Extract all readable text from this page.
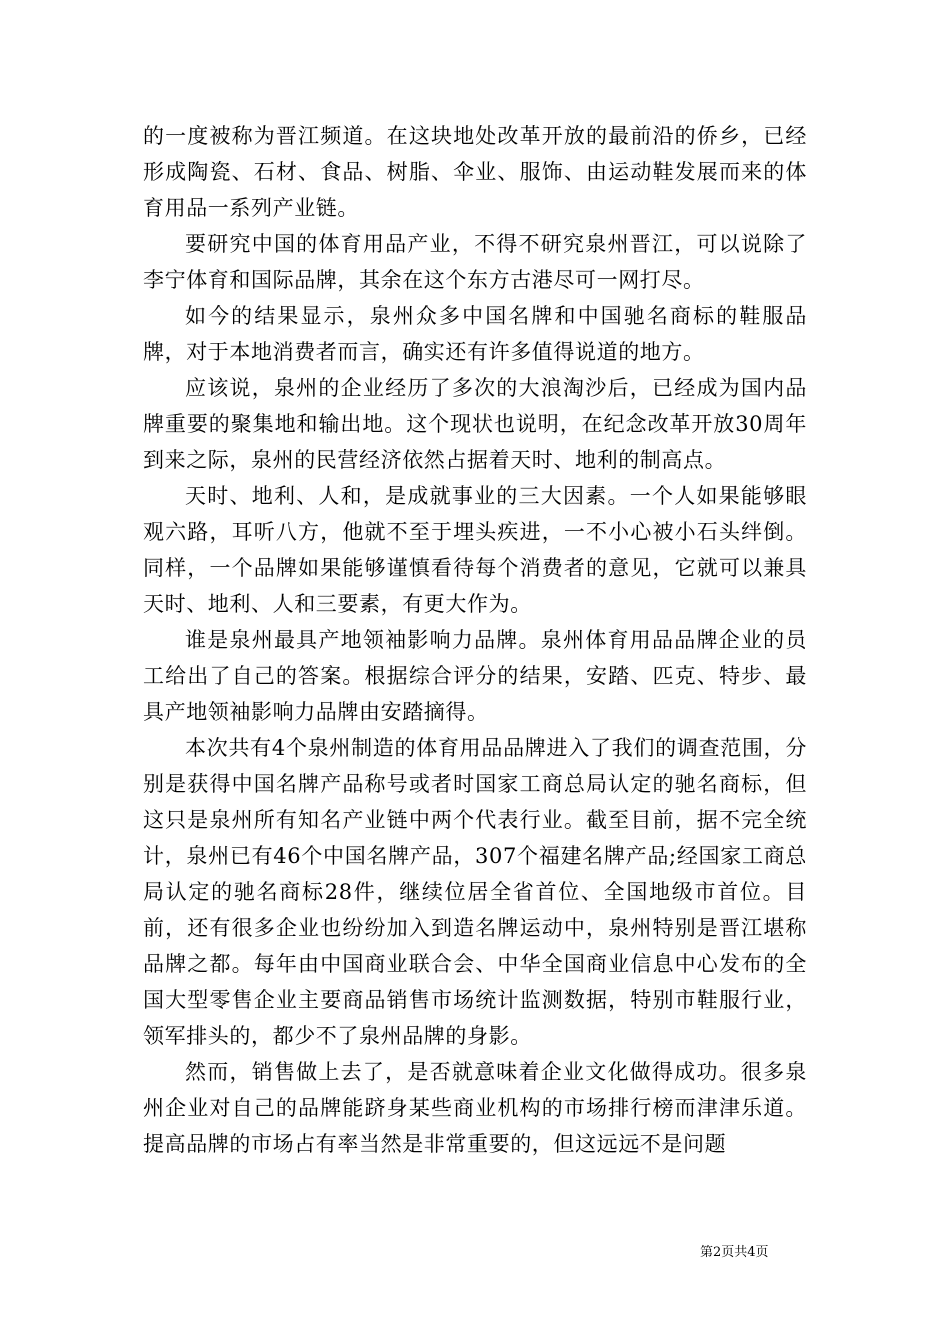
的一度被称为晋江频道。在这块地处改革开放的最前沿的侨乡，已经形成陶瓷、石材、食品、树脂、伞业、服饰、由运动鞋发展而来的体育用品一系列产业链。

要研究中国的体育用品产业，不得不研究泉州晋江，可以说除了李宁体育和国际品牌，其余在这个东方古港尽可一网打尽。

如今的结果显示，泉州众多中国名牌和中国驰名商标的鞋服品牌，对于本地消费者而言，确实还有许多值得说道的地方。

应该说，泉州的企业经历了多次的大浪淘沙后，已经成为国内品牌重要的聚集地和输出地。这个现状也说明，在纪念改革开放30周年到来之际，泉州的民营经济依然占据着天时、地利的制高点。

天时、地利、人和，是成就事业的三大因素。一个人如果能够眼观六路，耳听八方，他就不至于埋头疾进，一不小心被小石头绊倒。同样，一个品牌如果能够谨慎看待每个消费者的意见，它就可以兼具天时、地利、人和三要素，有更大作为。

谁是泉州最具产地领袖影响力品牌。泉州体育用品品牌企业的员工给出了自己的答案。根据综合评分的结果，安踏、匹克、特步、最具产地领袖影响力品牌由安踏摘得。

本次共有4个泉州制造的体育用品品牌进入了我们的调查范围，分别是获得中国名牌产品称号或者时国家工商总局认定的驰名商标，但这只是泉州所有知名产业链中两个代表行业。截至目前，据不完全统计，泉州已有46个中国名牌产品，307个福建名牌产品;经国家工商总局认定的驰名商标28件，继续位居全省首位、全国地级市首位。目前，还有很多企业也纷纷加入到造名牌运动中，泉州特别是晋江堪称品牌之都。每年由中国商业联合会、中华全国商业信息中心发布的全国大型零售企业主要商品销售市场统计监测数据，特别市鞋服行业，领军排头的，都少不了泉州品牌的身影。

然而，销售做上去了，是否就意味着企业文化做得成功。很多泉州企业对自己的品牌能跻身某些商业机构的市场排行榜而津津乐道。提高品牌的市场占有率当然是非常重要的，但这远远不是问题

第2页共4页
